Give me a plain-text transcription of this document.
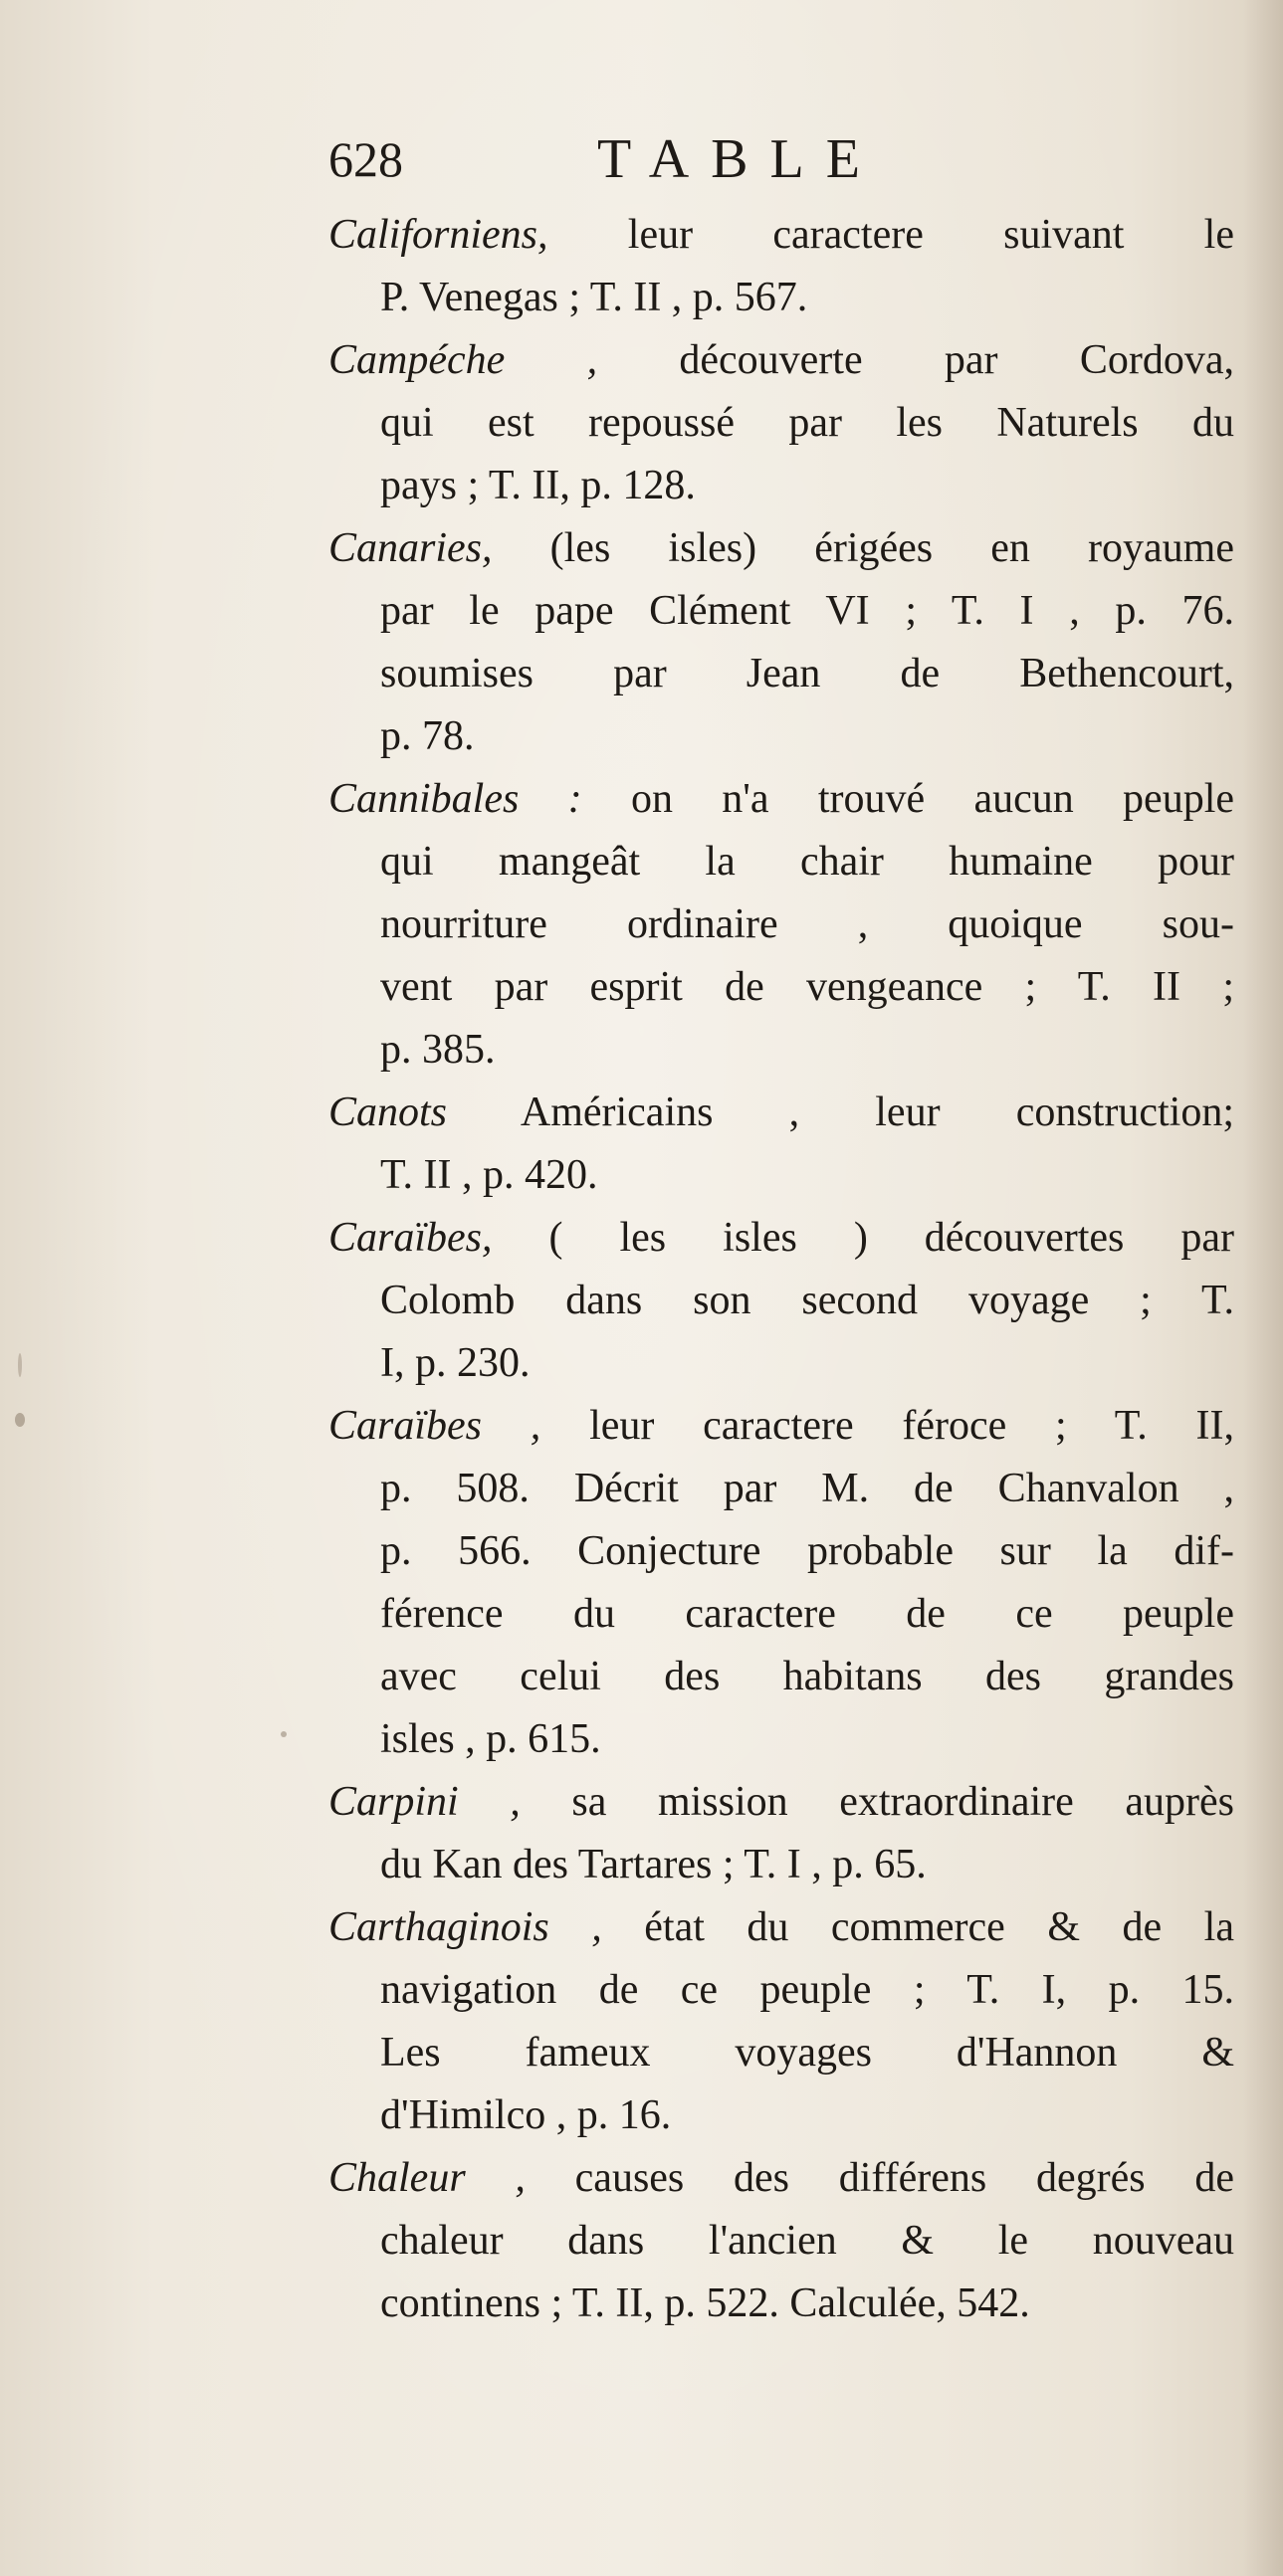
628	TABLE
Californiens, leur caractere suivant le
P. Venegas ; T. II , p. 567.
Campéche , découverte par Cordova,
qui est repoussé par les Naturels du
pays ; T. II, p. 128.
Canaries, (les isles) érigées en royaume
par le pape Clément VI ; T. I , p. 76.
soumises par Jean de Bethencourt,
p. 78.
Cannibales : on n'a trouvé aucun peuple
qui mangeât la chair humaine pour
nourriture ordinaire , quoique sou-
vent par esprit de vengeance ; T. II ;
p. 385.
Canots Américains , leur construction;
T. II , p. 420.
Caraïbes, ( les isles ) découvertes par
Colomb dans son second voyage ; T.
I, p. 230.
Caraïbes , leur caractere féroce ; T. II,
p. 508. Décrit par M. de Chanvalon ,
p. 566. Conjecture probable sur la dif-
férence du caractere de ce peuple
avec celui des habitans des grandes
isles , p. 615.
Carpini , sa mission extraordinaire auprès
du Kan des Tartares ; T. I , p. 65.
Carthaginois , état du commerce & de la
navigation de ce peuple ; T. I, p. 15.
Les fameux voyages d'Hannon &
d'Himilco , p. 16.
Chaleur , causes des différens degrés de
chaleur dans l'ancien & le nouveau
continens ; T. II, p. 522. Calculée, 542.
